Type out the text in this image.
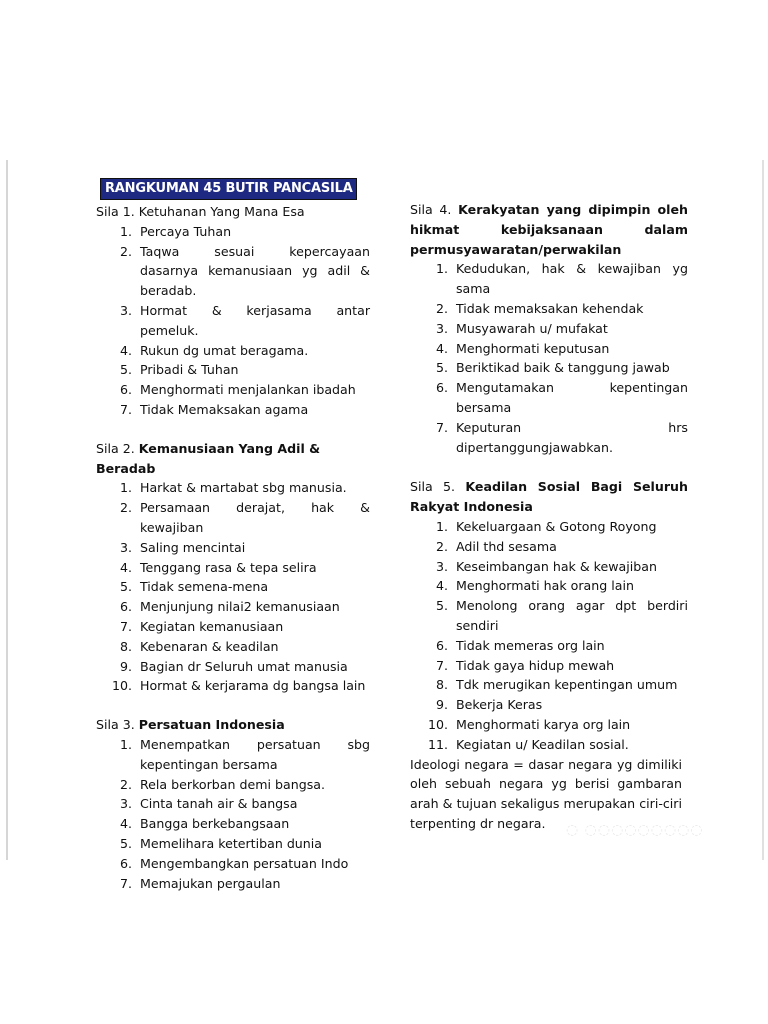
RANGKUMAN 45 BUTIR PANCASILA

Sila 1. Ketuhanan Yang Mana Esa

1. Percaya Tuhan
2. Taqwa sesuai kepercayaan dasarnya kemanusiaan yg adil & beradab.
3. Hormat & kerjasama antar pemeluk.
4. Rukun dg umat beragama.
5. Pribadi & Tuhan
6. Menghormati menjalankan ibadah
7. Tidak Memaksakan agama

Sila 2. Kemanusiaan Yang Adil & Beradab

1. Harkat & martabat sbg manusia.
2. Persamaan derajat, hak & kewajiban
3. Saling mencintai
4. Tenggang rasa & tepa selira
5. Tidak semena-mena
6. Menjunjung nilai2 kemanusiaan
7. Kegiatan kemanusiaan
8. Kebenaran & keadilan
9. Bagian dr Seluruh umat manusia
10. Hormat & kerjarama dg bangsa lain

Sila 3. Persatuan Indonesia

1. Menempatkan persatuan sbg kepentingan bersama
2. Rela berkorban demi bangsa.
3. Cinta tanah air & bangsa
4. Bangga berkebangsaan
5. Memelihara ketertiban dunia
6. Mengembangkan persatuan Indo
7. Memajukan pergaulan

Sila 4. Kerakyatan yang dipimpin oleh hikmat kebijaksanaan dalam permusyawaratan/perwakilan

1. Kedudukan, hak & kewajiban yg sama
2. Tidak memaksakan kehendak
3. Musyawarah u/ mufakat
4. Menghormati keputusan
5. Beriktikad baik & tanggung jawab
6. Mengutamakan kepentingan bersama
7. Keputuran hrs dipertanggungjawabkan.

Sila 5. Keadilan Sosial Bagi Seluruh Rakyat Indonesia

1. Kekeluargaan & Gotong Royong
2. Adil thd sesama
3. Keseimbangan hak & kewajiban
4. Menghormati hak orang lain
5. Menolong orang agar dpt berdiri sendiri
6. Tidak memeras org lain
7. Tidak gaya hidup mewah
8. Tdk merugikan kepentingan umum
9. Bekerja Keras
10. Menghormati karya org lain
11. Kegiatan u/ Keadilan sosial.

Ideologi negara = dasar negara yg dimiliki oleh sebuah negara yg berisi gambaran arah & tujuan sekaligus merupakan ciri-ciri terpenting dr negara.	◌ ◌◌◌◌◌◌◌◌◌
